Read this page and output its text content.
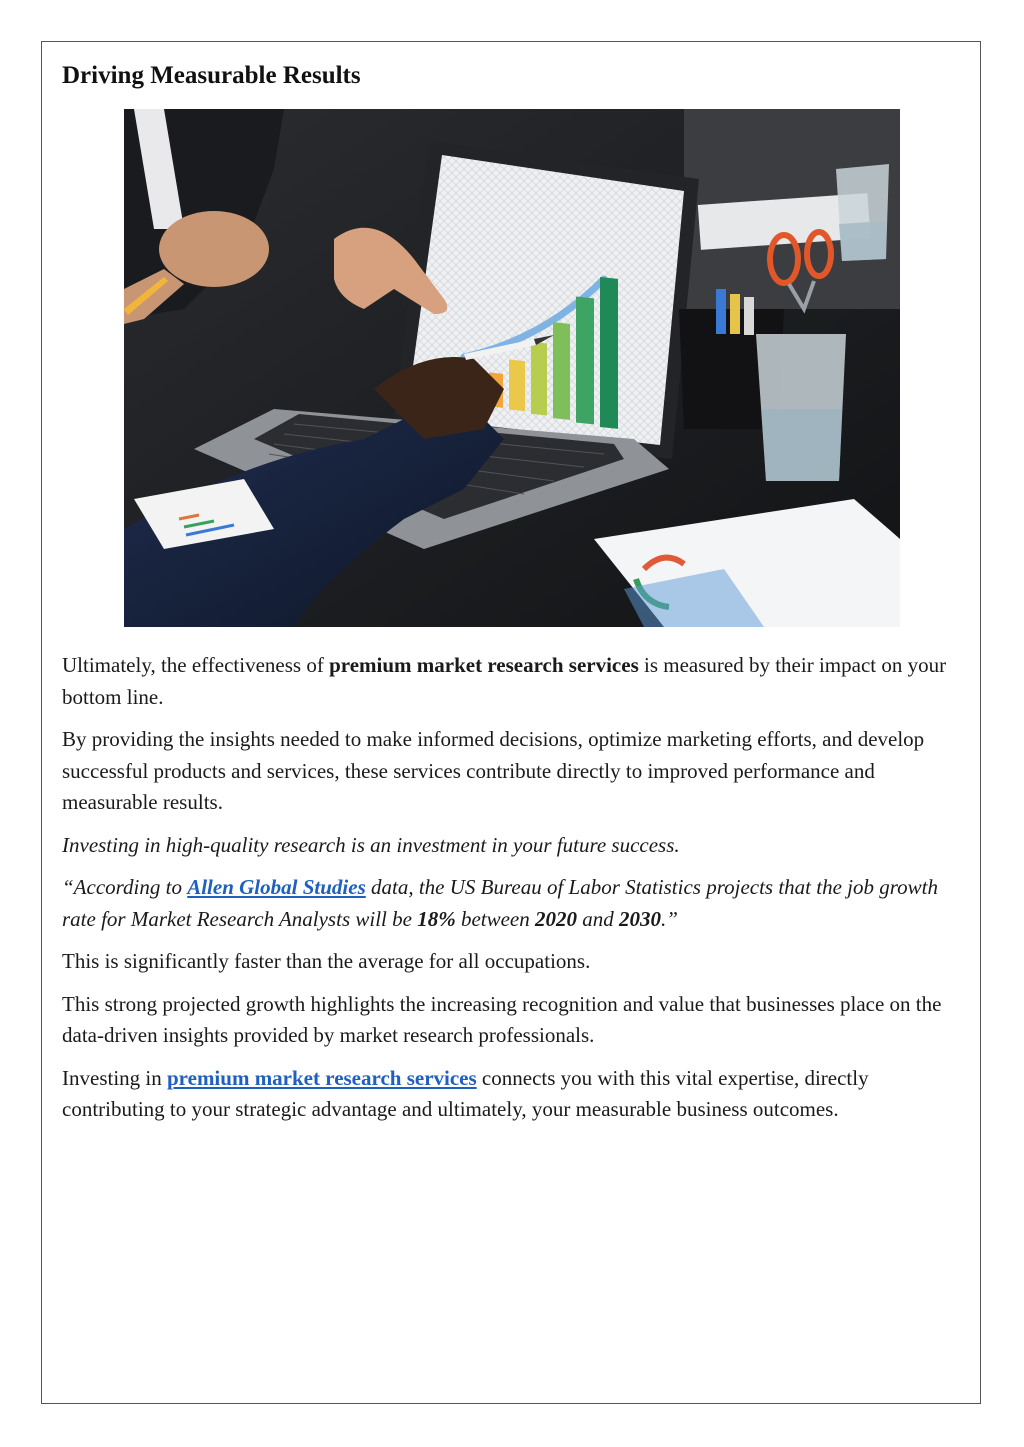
Driving Measurable Results

Ultimately, the effectiveness of premium market research services is measured by their impact on your bottom line.

By providing the insights needed to make informed decisions, optimize marketing efforts, and develop successful products and services, these services contribute directly to improved performance and measurable results.

Investing in high-quality research is an investment in your future success.

“According to Allen Global Studies data, the US Bureau of Labor Statistics projects that the job growth rate for Market Research Analysts will be 18% between 2020 and 2030.”

This is significantly faster than the average for all occupations.

This strong projected growth highlights the increasing recognition and value that businesses place on the data-driven insights provided by market research professionals.

Investing in premium market research services connects you with this vital expertise, directly contributing to your strategic advantage and ultimately, your measurable business outcomes.
